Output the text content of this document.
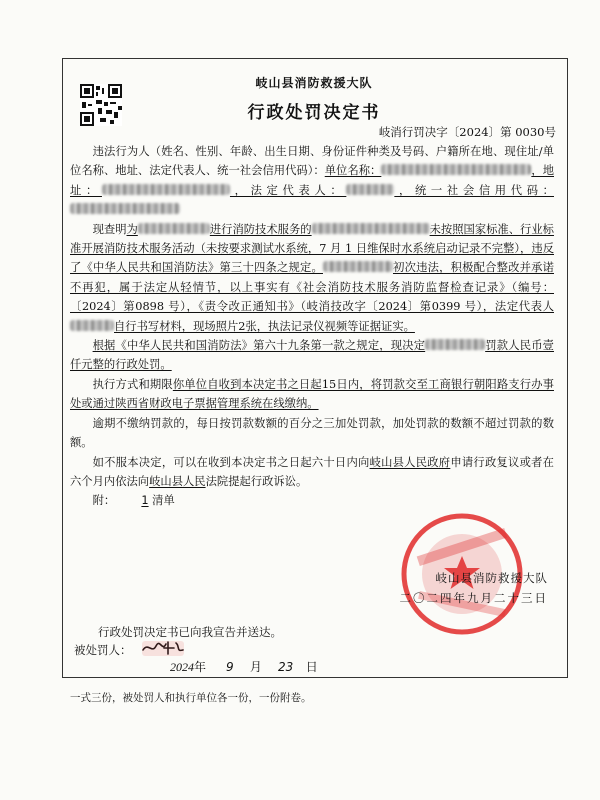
岐山县消防救援大队
行政处罚决定书
岐消行罚决字〔2024〕第 0030号

违法行为人（姓名、性别、年龄、出生日期、身份证件种类及号码、户籍所在地、现住址/单位名称、地址、法定代表人、统一社会信用代码）：单位名称：	，地址：	，法定代表人：	，统一社会信用代码：

现查明为	进行消防技术服务的	未按照国家标准、行业标准开展消防技术服务活动（未按要求测试水系统，7 月 1 日维保时水系统启动记录不完整），违反了《中华人民共和国消防法》第三十四条之规定。	初次违法，积极配合整改并承诺不再犯，属于法定从轻情节，以上事实有《社会消防技术服务消防监督检查记录》（编号：〔2024〕第0898 号），《责令改正通知书》（岐消技改字〔2024〕第0399 号），法定代表人自行书写材料，现场照片2张，执法记录仪视频等证据证实。

根据《中华人民共和国消防法》第六十九条第一款之规定，现决定	罚款人民币壹仟元整的行政处罚。

执行方式和期限你单位自收到本决定书之日起15日内，将罚款交至工商银行朝阳路支行办事处或通过陕西省财政电子票据管理系统在线缴纳。

逾期不缴纳罚款的，每日按罚款数额的百分之三加处罚款，加处罚款的数额不超过罚款的数额。

如不服本决定，可以在收到本决定书之日起六十日内向岐山县人民政府申请行政复议或者在六个月内依法向岐山县人民法院提起行政诉讼。

附： 1 清单

岐山县消防救援大队
二〇二四年九月二十三日
行政处罚决定书已向我宣告并送达。
被处罚人：
2024年 9 月 23 日
一式三份，被处罚人和执行单位各一份，一份附卷。
